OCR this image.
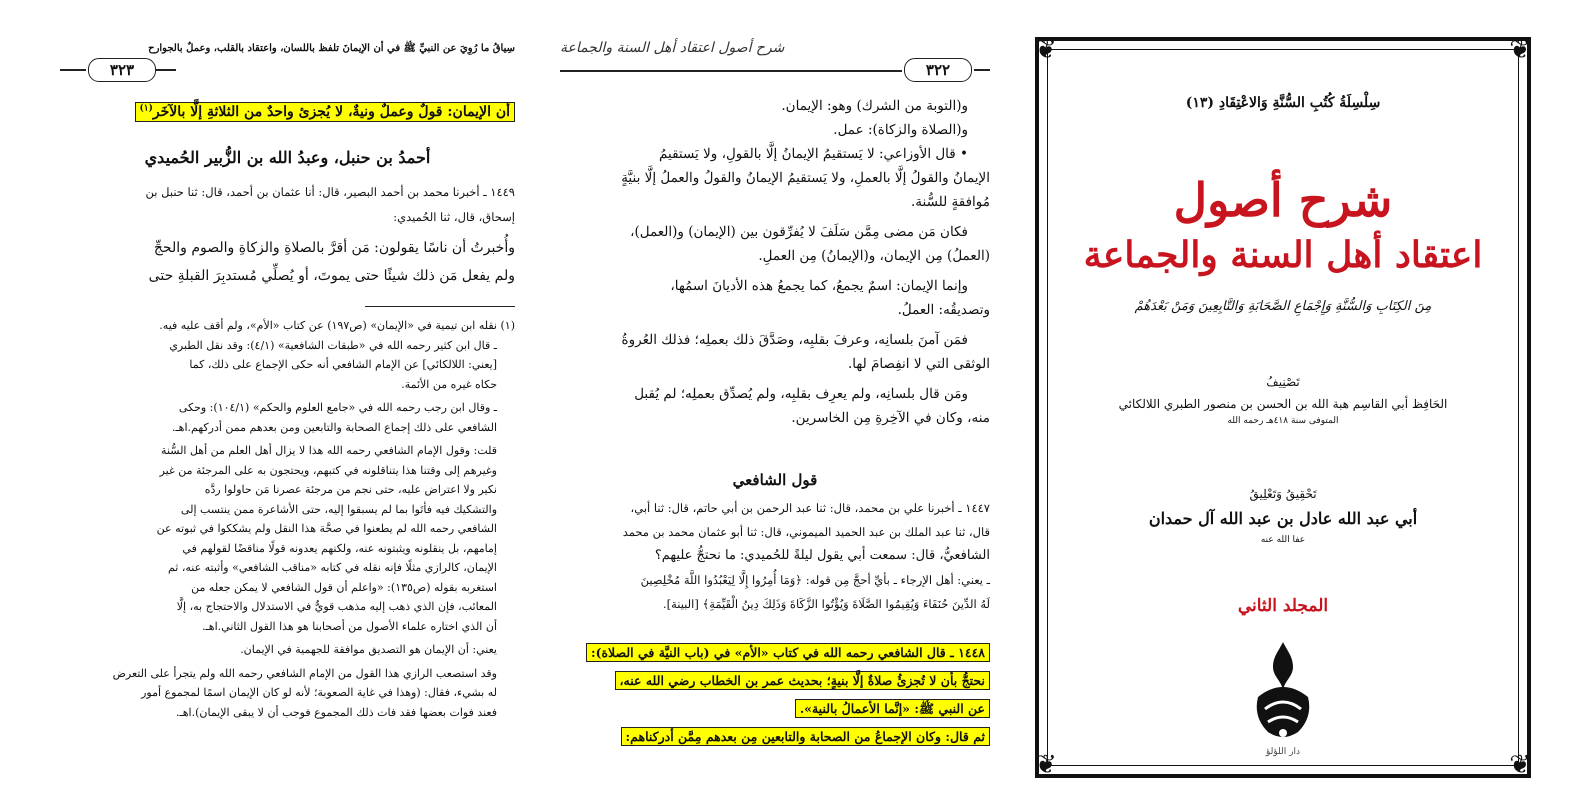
٣٢٣
سِياقُ ما رُوِيَ عن النبيِّ ﷺ في أن الإيمانَ تلفظ باللسان، واعتقاد بالقلب، وعملٌ بالجوارح
أن الإيمان: قولٌ وعملٌ ونيةٌ، لا يُجزئ واحدٌ من الثلاثةِ إلَّا بالآخَر$^{(١)}$
أحمدُ بن حنبل، وعبدُ الله بن الزُّبير الحُميدي
١٤٤٩ ـ أخبرنا محمد بن أحمد البصير، قال: أنا عثمان بن أحمد، قال: ثنا حنبل بن
إسحاق، قال، ثنا الحُميدي:
وأُخبرتُ أن ناسًا يقولون: مَن أقرَّ بالصلاةِ والزكاةِ والصوم والحجِّ
ولم يفعل مَن ذلك شيئًا حتى يموتَ، أو يُصلِّي مُستدبِرَ القبلةِ حتى
(١) نقله ابن تيمية في «الإيمان» (ص١٩٧) عن كتاب «الأم»، ولم أقف عليه فيه.
ـ قال ابن كثير رحمه الله في «طبقات الشافعية» (٤/١): وقد نقل الطبري
[يعني: اللالكائي] عن الإمام الشافعي أنه حكى الإجماع على ذلك، كما
حكاه غيره من الأئمة.
ـ وقال ابن رجب رحمه الله في «جامع العلوم والحكم» (١٠٤/١): وحكى
الشافعي على ذلك إجماع الصحابة والتابعين ومن بعدهم ممن أدركهم.اهـ.
قلت: وقول الإمام الشافعي رحمه الله هذا لا يزال أهل العلم من أهل السُّنة
وغيرهم إلى وقتنا هذا يتناقلونه في كتبهم، ويحتجون به على المرجئة من غير
نكير ولا اعتراض عليه، حتى نجم من مرجئة عصرنا مَن حاولوا ردَّه
والتشكيك فيه فأتَوا بما لم يسبقوا إليه، حتى الأشاعرة ممن ينتسب إلى
الشافعي رحمه الله لم يطعنوا في صحَّة هذا النقل ولم يشككوا في ثبوته عن
إمامهم، بل ينقلونه ويثبتونه عنه، ولكنهم يعدونه قولًا مناقضًا لقولهم في
الإيمان، كالرازي مثلًا فإنه نقله في كتابه «مناقب الشافعي» وأثبته عنه، ثم
استغربه بقوله (ص١٣٥): «واعلم أن قول الشافعي لا يمكن جعله من
المعائب، فإن الذي ذهب إليه مذهب قويٌّ في الاستدلال والاحتجاج به، إلَّا
أن الذي اختاره علماء الأصول من أصحابنا هو هذا القول الثاني.اهـ.
يعني: أن الإيمان هو التصديق موافقة للجهمية في الإيمان.
وقد استصعب الرازي هذا القول من الإمام الشافعي رحمه الله ولم يتجرأ على التعرض
له بشيء، فقال: (وهذا في غاية الصعوبة؛ لأنه لو كان الإيمان اسمًا لمجموع أمور
فعند فوات بعضها فقد فات ذلك المجموع فوجب أن لا يبقى الإيمان).اهـ.
٣٢٢
شرح أصول اعتقاد أهل السنة والجماعة
و(التوبة من الشرك) وهو: الإيمان.
و(الصلاة والزكاة): عمل.
• قال الأوزاعي: لا يَستقيمُ الإيمانُ إلَّا بالقولِ، ولا يَستقيمُ
الإيمانُ والقولُ إلَّا بالعملِ، ولا يَستقيمُ الإيمانُ والقولُ والعملُ إلَّا بنيَّةٍ
مُوافقةٍ للسُّنة.
فكان مَن مضى مِمَّن سَلَفَ لا يُفرِّقون بين (الإيمان) و(العمل)،
(العملُ) مِن الإيمان، و(الإيمانُ) مِن العملِ.
وإنما الإيمان: اسمٌ يجمعُ، كما يجمعُ هذه الأديانَ اسمُها،
وتصديقُه: العملُ.
فمَن آمنَ بلسانِه، وعرفَ بقلبِه، وصَدَّقَ ذلك بعملِه؛ فذلك العُروةُ
الوثقى التي لا انفِصامَ لها.
ومَن قال بلسانِه، ولم يعرِف بقلبِه، ولم يُصدِّق بعملِه؛ لم يُقبل
منه، وكان في الآخِرةِ مِن الخاسرين.
قول الشافعي
١٤٤٧ ـ أخبرنا علي بن محمد، قال: ثنا عبد الرحمن بن أبي حاتم، قال: ثنا أبي،
قال، ثنا عبد الملك بن عبد الحميد الميموني، قال: ثنا أبو عثمان محمد بن محمد
الشافعيُّ، قال: سمعت أبي يقول ليلةً للحُميدي: ما نحتجُّ عليهم؟
ـ يعني: أهل الإرجاء ـ بأيِّ أحجَّ مِن قوله: ﴿وَمَا أُمِرُوا إِلَّا لِيَعْبُدُوا اللَّهَ مُخْلِصِينَ
لَهُ الدِّينَ حُنَفَاءَ وَيُقِيمُوا الصَّلَاةَ وَيُؤْتُوا الزَّكَاةَ وَذَلِكَ دِينُ الْقَيِّمَةِ﴾ [البينة].
١٤٤٨ ـ قال الشافعي رحمه الله في كتاب «الأم» في (باب النيَّة في الصلاة):
نحتجُّ بأن لا تُجزئُ صلاةٌ إلَّا بنيةٍ؛ بحديث عمر بن الخطاب رضي الله عنه،
عن النبي ﷺ: «إنَّما الأعمالُ بالنية».
ثم قال: وكان الإجماعُ من الصحابة والتابعين مِن بعدهم مِمَّن أدركناهم:
❦	❦
❦	❦
سِلْسِلَةُ كُتُبِ السُّنَّةِ وَالاعْتِقَادِ (١٣)
شرح أصول
اعتقاد أهل السنة والجماعة
مِنَ الكِتَابِ وَالسُّنَّةِ وَإِجْمَاعِ الصَّحَابَةِ وَالتَّابِعِينَ وَمَنْ بَعْدَهُمْ
تَصْنِيفُ
الحَافِظ أبي القاسِم هبة الله بن الحسن بن منصور الطبري اللالكائي
المتوفى سنة ٤١٨هـ رحمه الله
تَحْقِيقُ وَتَعْلِيقُ
أبي عبد الله عادل بن عبد الله آل حمدان
عفا الله عنه
المجلد الثاني
دار اللؤلؤ
